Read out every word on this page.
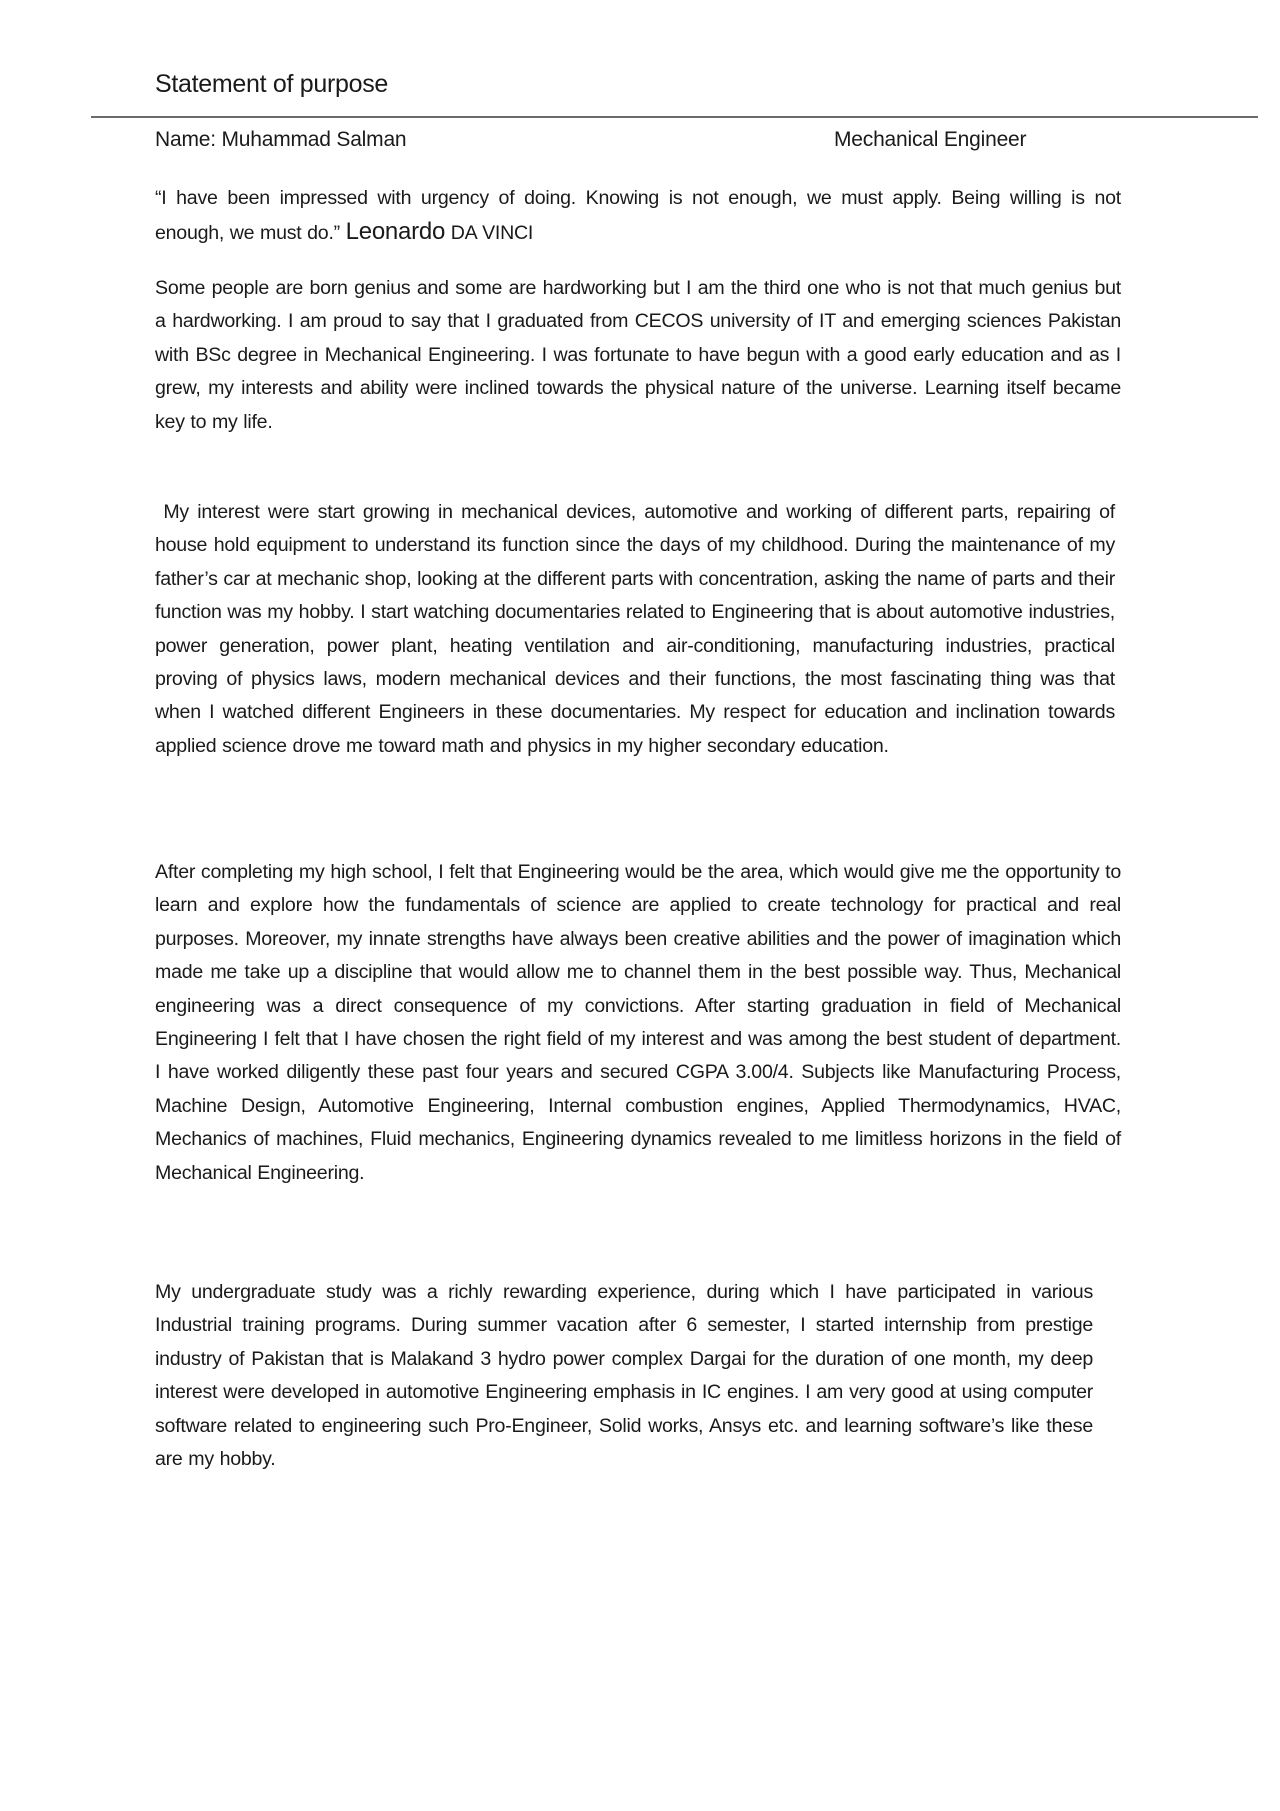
Statement of purpose
Name: Muhammad Salman	Mechanical Engineer

“I have been impressed with urgency of doing. Knowing is not enough, we must apply. Being willing is not enough, we must do.” Leonardo DA VINCI

Some people are born genius and some are hardworking but I am the third one who is not that much genius but a hardworking. I am proud to say that I graduated from CECOS university of IT and emerging sciences Pakistan with BSc degree in Mechanical Engineering. I was fortunate to have begun with a good early education and as I grew, my interests and ability were inclined towards the physical nature of the universe. Learning itself became key to my life.

My interest were start growing in mechanical devices, automotive and working of different parts, repairing of house hold equipment to understand its function since the days of my childhood. During the maintenance of my father’s car at mechanic shop, looking at the different parts with concentration, asking the name of parts and their function was my hobby. I start watching documentaries related to Engineering that is about automotive industries, power generation, power plant, heating ventilation and air-conditioning, manufacturing industries, practical proving of physics laws, modern mechanical devices and their functions, the most fascinating thing was that when I watched different Engineers in these documentaries. My respect for education and inclination towards applied science drove me toward math and physics in my higher secondary education.

After completing my high school, I felt that Engineering would be the area, which would give me the opportunity to learn and explore how the fundamentals of science are applied to create technology for practical and real purposes. Moreover, my innate strengths have always been creative abilities and the power of imagination which made me take up a discipline that would allow me to channel them in the best possible way. Thus, Mechanical engineering was a direct consequence of my convictions. After starting graduation in field of Mechanical Engineering I felt that I have chosen the right field of my interest and was among the best student of department. I have worked diligently these past four years and secured CGPA 3.00/4. Subjects like Manufacturing Process, Machine Design, Automotive Engineering, Internal combustion engines, Applied Thermodynamics, HVAC, Mechanics of machines, Fluid mechanics, Engineering dynamics revealed to me limitless horizons in the field of Mechanical Engineering.

My undergraduate study was a richly rewarding experience, during which I have participated in various Industrial training programs. During summer vacation after 6 semester, I started internship from prestige industry of Pakistan that is Malakand 3 hydro power complex Dargai for the duration of one month, my deep interest were developed in automotive Engineering emphasis in IC engines. I am very good at using computer software related to engineering such Pro-Engineer, Solid works, Ansys etc. and learning software’s like these are my hobby.
